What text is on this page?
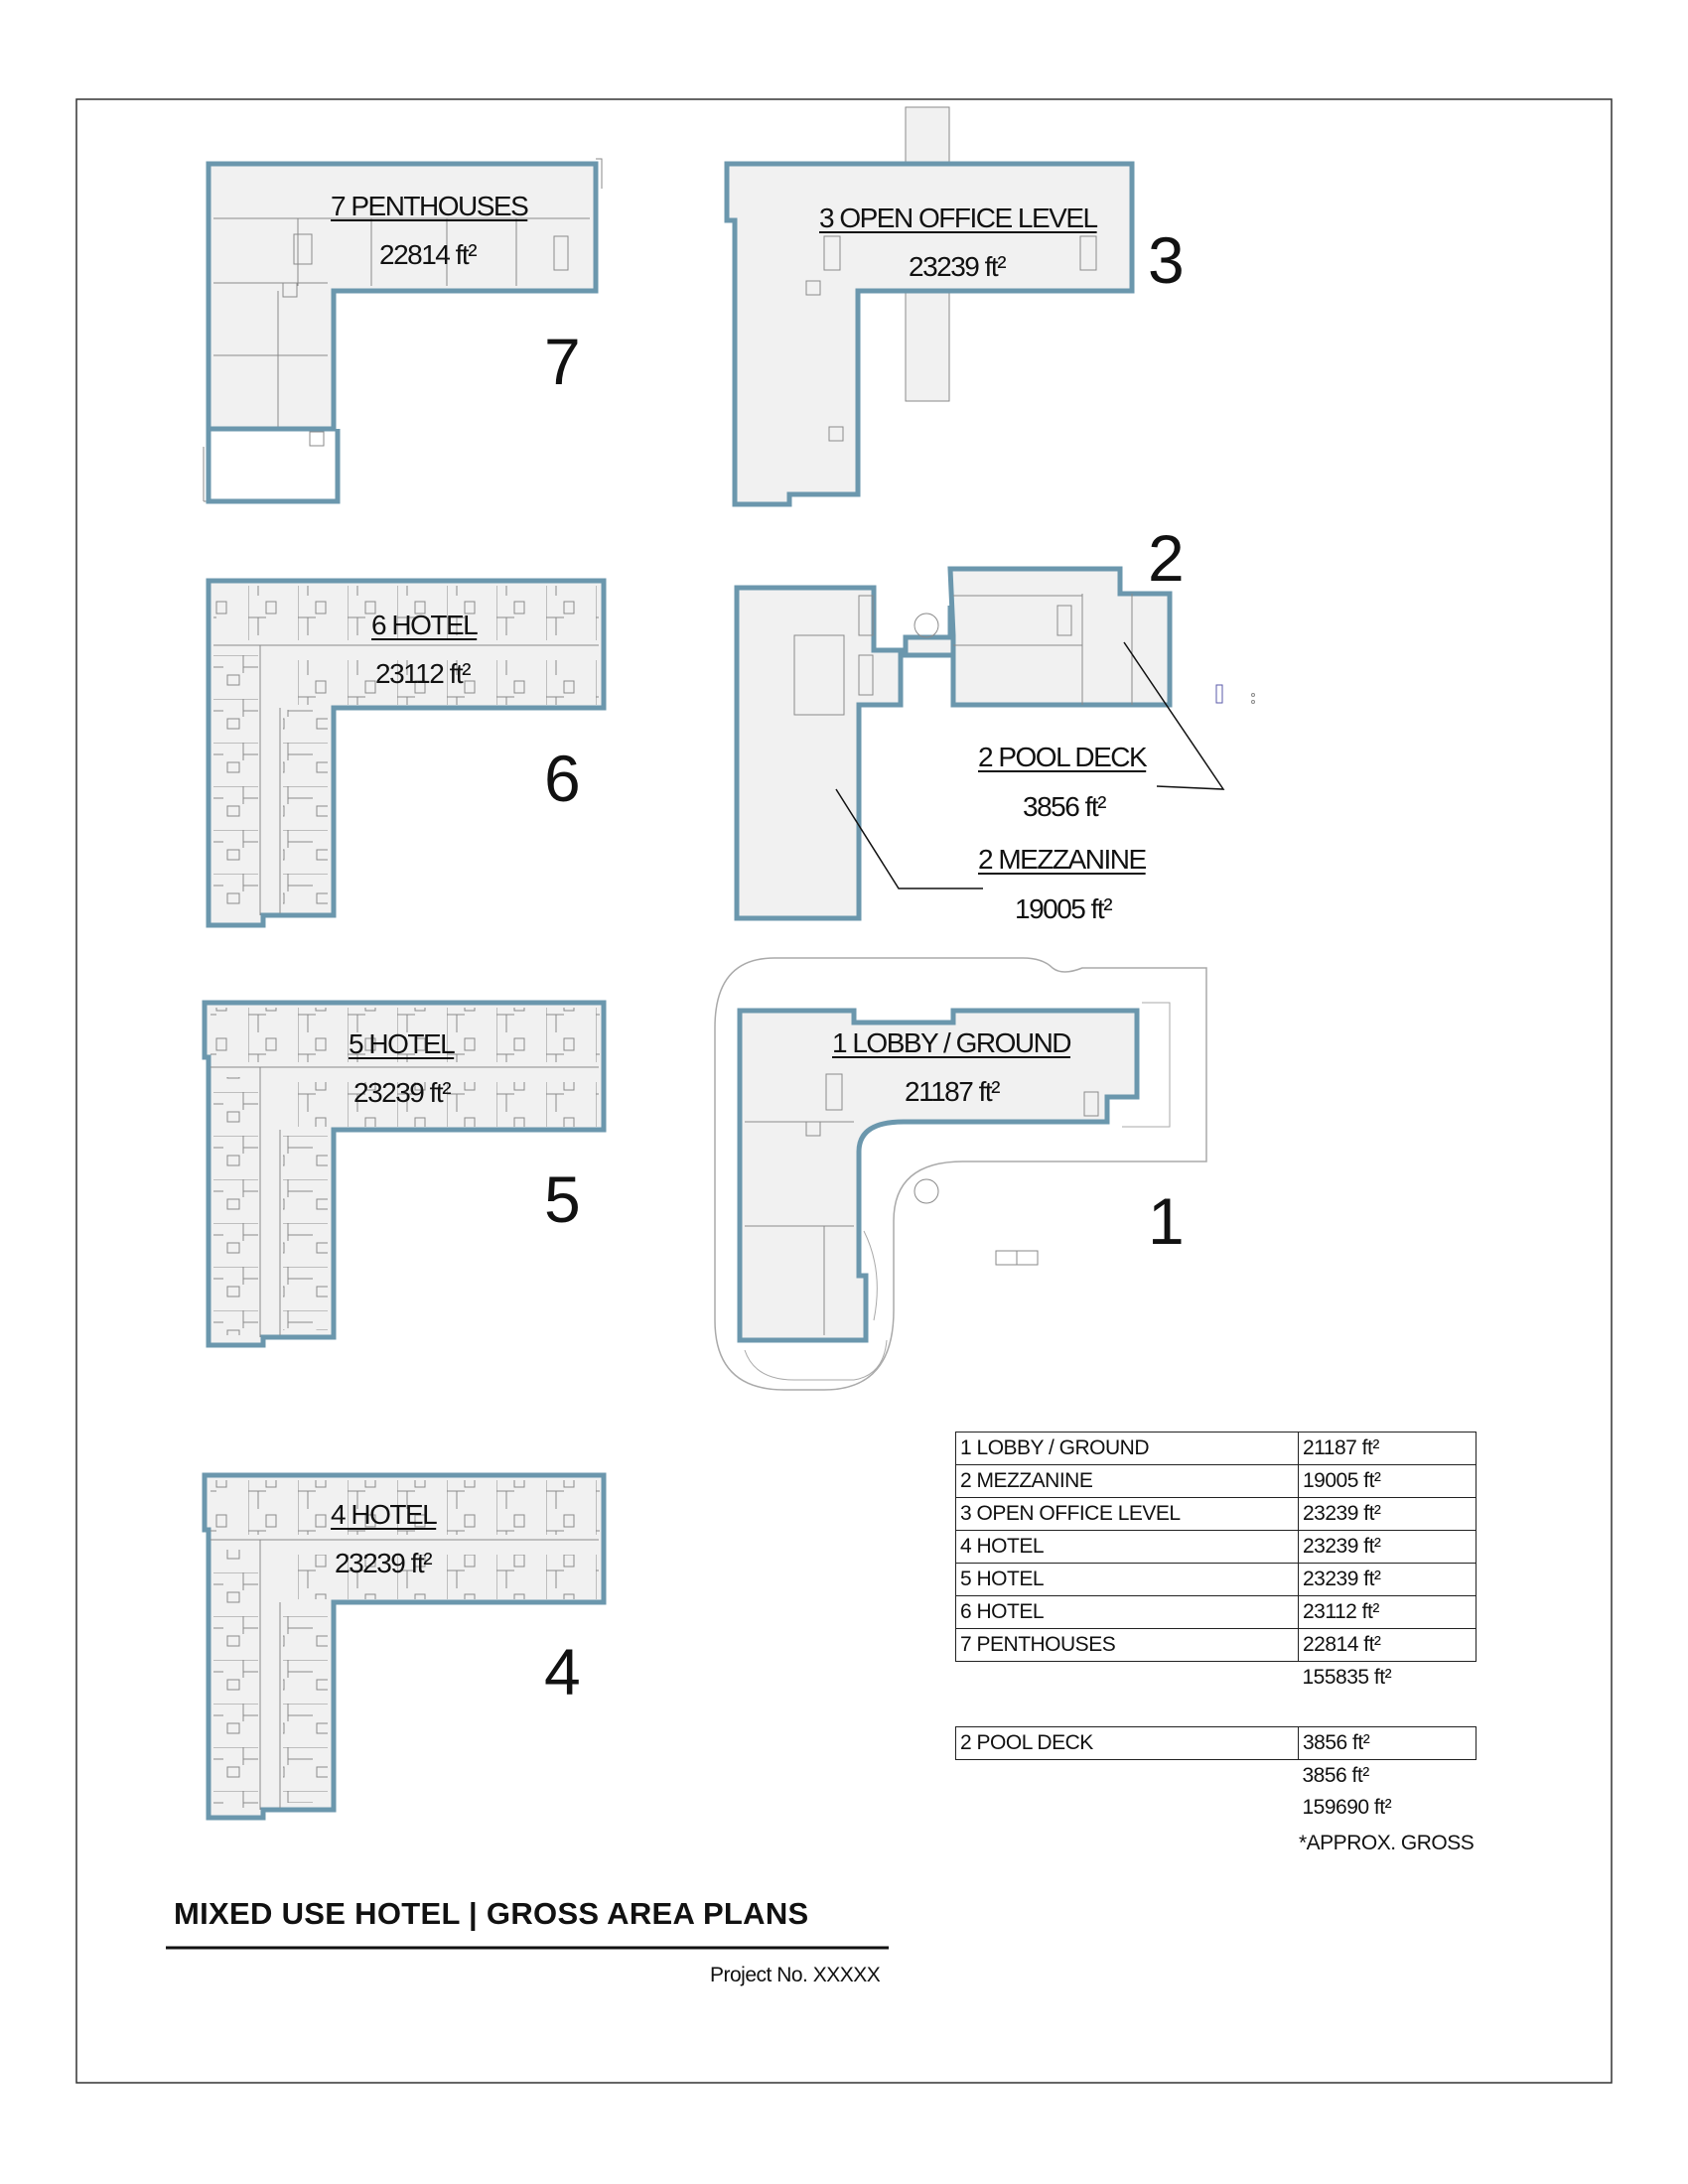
7 PENTHOUSES
22814 ft²
7
3 OPEN OFFICE LEVEL
23239 ft² 3
6 HOTEL
23112 ft²
6
2
2 POOL DECK
3856 ft²
2 MEZZANINE
19005 ft²
5 HOTEL
23239 ft²
5
1 LOBBY / GROUND
21187 ft²
1
4 HOTEL
23239 ft²
4
1 LOBBY / GROUND	21187 ft²
2 MEZZANINE	19005 ft²
3 OPEN OFFICE LEVEL	23239 ft²
4 HOTEL	23239 ft²
5 HOTEL	23239 ft²
6 HOTEL	23112 ft²
7 PENTHOUSES	22814 ft²
	155835 ft²
2 POOL DECK	3856 ft²
	3856 ft²
	159690 ft²
*APPROX. GROSS
MIXED USE HOTEL | GROSS AREA PLANS
Project No. XXXXX
